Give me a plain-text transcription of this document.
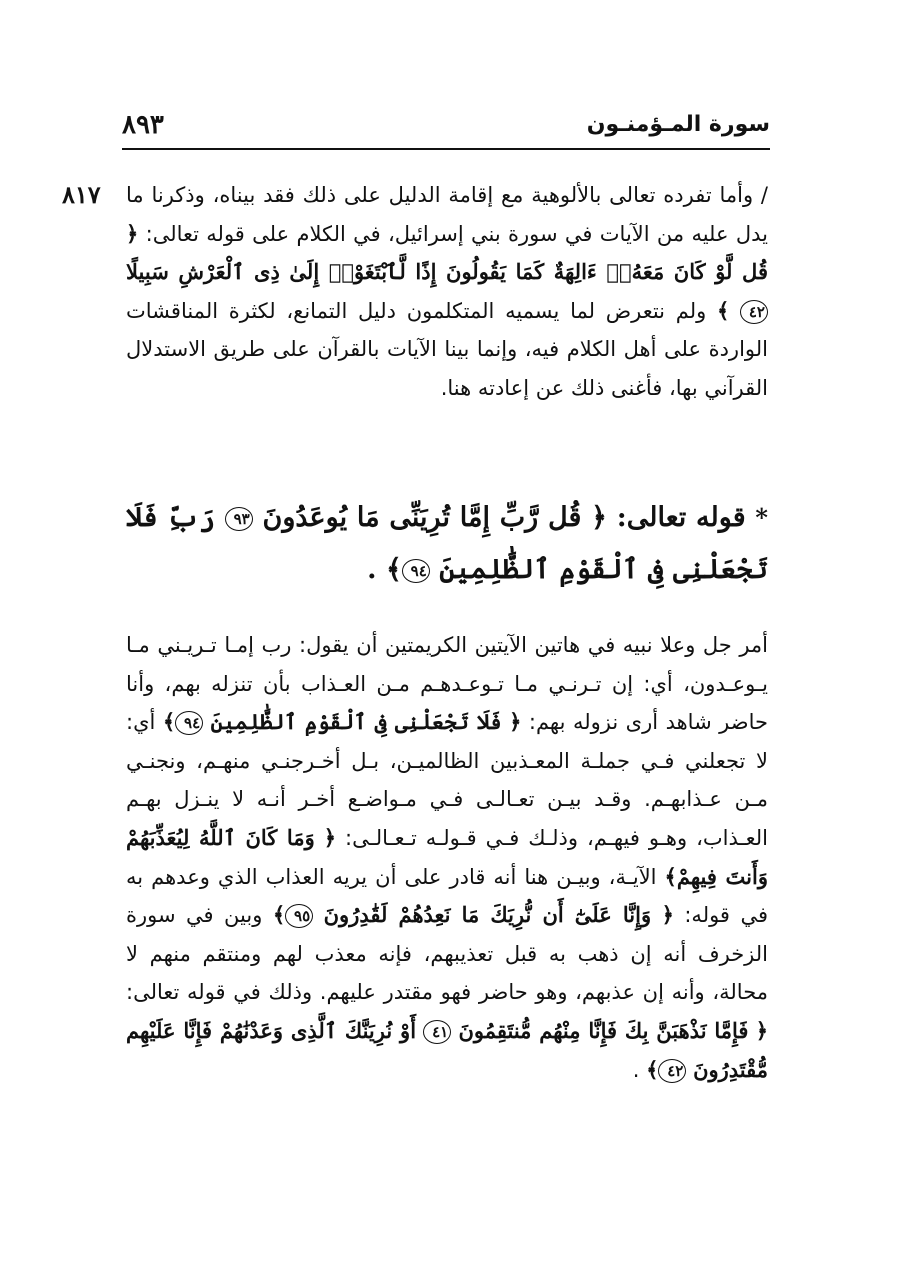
٨٩٣	سورة المـؤمنـون
٨١٧	/ وأما تفرده تعالى بالألوهية مع إقامة الدليل على ذلك فقد بيناه، وذكرنا ما يدل عليه من الآيات في سورة بني إسرائيل، في الكلام على قوله تعالى: ﴿ قُل لَّوْ كَانَ مَعَهُۥٓ ءَالِهَةٌ كَمَا يَقُولُونَ إِذًا لَّٱبْتَغَوْا۟ إِلَىٰ ذِى ٱلْعَرْشِ سَبِيلًا ٤٢ ﴾ ولم نتعرض لما يسميه المتكلمون دليل التمانع، لكثرة المناقشات الواردة على أهل الكلام فيه، وإنما بينا الآيات بالقرآن على طريق الاستدلال القرآني بها، فأغنى ذلك عن إعادته هنا.

* قوله تعالى: ﴿ قُل رَّبِّ إِمَّا تُرِيَنِّى مَا يُوعَدُونَ ٩٣ رَبِّ فَلَا تَجْعَلْنِى فِى ٱلْقَوْمِ ٱلظَّٰلِمِينَ ٩٤﴾ .

أمر جل وعلا نبيه في هاتين الآيتين الكريمتين أن يقول: رب إمـا تـريـني مـا يـوعـدون، أي: إن تـرنـي مـا تـوعـدهـم مـن العـذاب بأن تنزله بهم، وأنا حاضر شاهد أرى نزوله بهم: ﴿ فَلَا تَجْعَلْنِى فِى ٱلْقَوْمِ ٱلظَّٰلِمِينَ ٩٤﴾ أي: لا تجعلني فـي جملـة المعـذبين الظالميـن، بـل أخـرجنـي منهـم، ونجنـي مـن عـذابهـم. وقـد بيـن تعـالـى فـي مـواضـع أخـر أنـه لا ينـزل بهـم العـذاب، وهـو فيهـم، وذلـك فـي قـولـه تـعـالـى: ﴿ وَمَا كَانَ ٱللَّهُ لِيُعَذِّبَهُمْ وَأَنتَ فِيهِمْ﴾ الآيـة، وبيـن هنا أنه قادر على أن يريه العذاب الذي وعدهم به في قوله: ﴿ وَإِنَّا عَلَىٰٓ أَن نُّرِيَكَ مَا نَعِدُهُمْ لَقَٰدِرُونَ ٩٥﴾ وبين في سورة الزخرف أنه إن ذهب به قبل تعذيبهم، فإنه معذب لهم ومنتقم منهم لا محالة، وأنه إن عذبهم، وهو حاضر فهو مقتدر عليهم. وذلك في قوله تعالى: ﴿ فَإِمَّا نَذْهَبَنَّ بِكَ فَإِنَّا مِنْهُم مُّنتَقِمُونَ ٤١ أَوْ نُرِيَنَّكَ ٱلَّذِى وَعَدْنَٰهُمْ فَإِنَّا عَلَيْهِم مُّقْتَدِرُونَ ٤٢﴾ .
